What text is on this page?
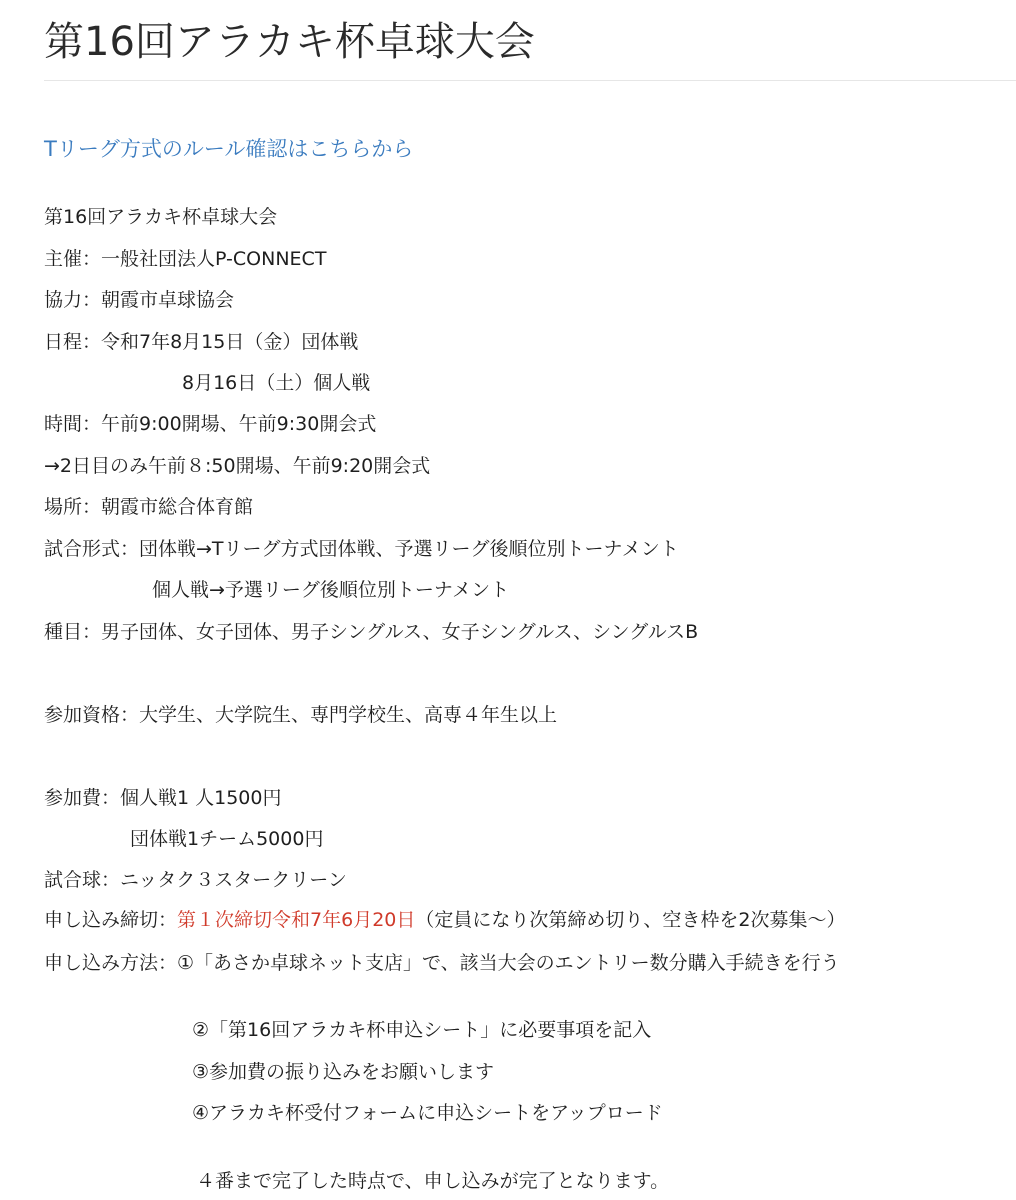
第16回アラカキ杯卓球大会
Tリーグ方式のルール確認はこちらから
第16回アラカキ杯卓球大会
主催：一般社団法人P-CONNECT
協力：朝霞市卓球協会
日程：令和7年8月15日（金）団体戦
8月16日（土）個人戦
時間：午前9:00開場、午前9:30開会式
→2日目のみ午前８:50開場、午前9:20開会式
場所：朝霞市総合体育館
試合形式：団体戦→Tリーグ方式団体戦、予選リーグ後順位別トーナメント
個人戦→予選リーグ後順位別トーナメント
種目：男子団体、女子団体、男子シングルス、女子シングルス、シングルスB
参加資格：大学生、大学院生、専門学校生、高専４年生以上
参加費：個人戦1 人1500円
団体戦1チーム5000円
試合球：ニッタク３スタークリーン
申し込み締切：第１次締切令和7年6月20日（定員になり次第締め切り、空き枠を2次募集〜）
申し込み方法：①「あさか卓球ネット支店」で、該当大会のエントリー数分購入手続きを行う
②「第16回アラカキ杯申込シート」に必要事項を記入
③参加費の振り込みをお願いします
④アラカキ杯受付フォームに申込シートをアップロード
４番まで完了した時点で、申し込みが完了となります。
